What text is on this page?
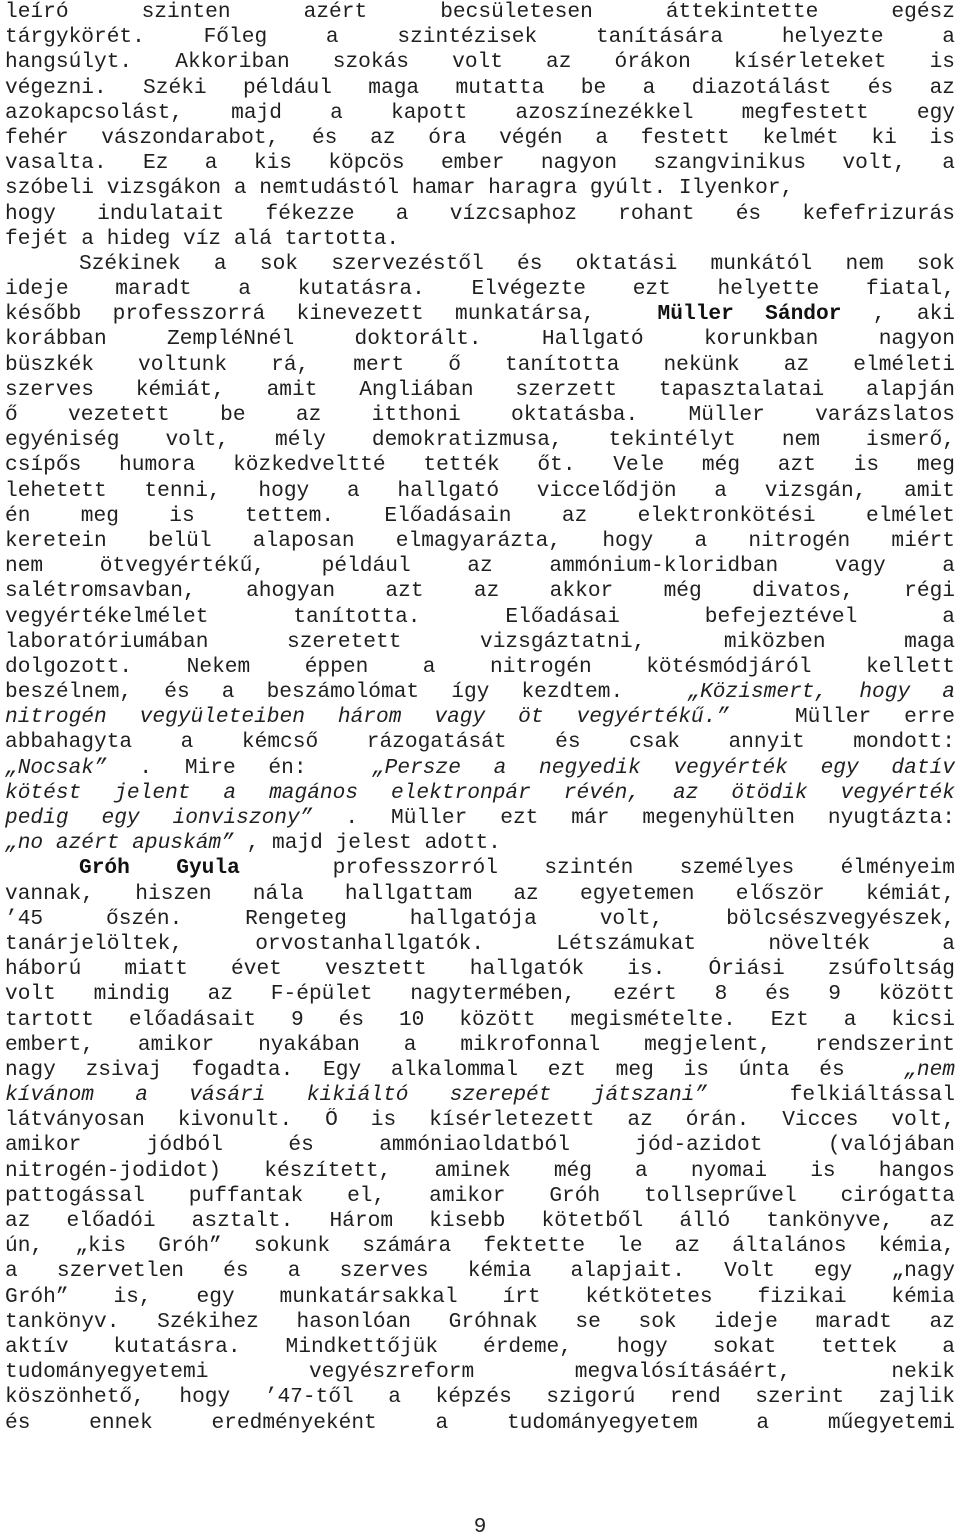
leíró szinten azért becsületesen áttekintette egész
tárgykörét. Főleg a szintézisek tanítására helyezte a
hangsúlyt. Akkoriban szokás volt az órákon kísérleteket is
végezni. Széki például maga mutatta be a diazotálást és az
azokapcsolást, majd a kapott azoszínezékkel megfestett egy
fehér vászondarabot, és az óra végén a festett kelmét ki is
vasalta. Ez a kis köpcös ember nagyon szangvinikus volt, a
szóbeli vizsgákon a nemtudástól hamar haragra gyúlt. Ilyenkor,
hogy indulatait fékezze a vízcsaphoz rohant és kefefrizurás
fejét a hideg víz alá tartotta.
Székinek a sok szervezéstől és oktatási munkától nem sok
ideje maradt a kutatásra. Elvégezte ezt helyette fiatal,
később professzorrá kinevezett munkatársa,  Müller Sándor , aki
korábban ZempléNnél doktorált. Hallgató korunkban nagyon
büszkék voltunk rá, mert ő tanította nekünk az elméleti
szerves kémiát, amit Angliában szerzett tapasztalatai alapján
ő vezetett be az itthoni oktatásba. Müller varázslatos
egyéniség volt, mély demokratizmusa, tekintélyt nem ismerő,
csípős humora közkedveltté tették őt. Vele még azt is meg
lehetett tenni, hogy a hallgató viccelődjön a vizsgán, amit
én meg is tettem. Előadásain az elektronkötési elmélet
keretein belül alaposan elmagyarázta, hogy a nitrogén miért
nem ötvegyértékű, például az ammónium-kloridban vagy a
salétromsavban, ahogyan azt az akkor még divatos, régi
vegyértékelmélet tanította. Előadásai befejeztével a
laboratóriumában szeretett vizsgáztatni, miközben maga
dolgozott. Nekem éppen a nitrogén kötésmódjáról kellett
beszélnem, és a beszámolómat így kezdtem.  „Közismert, hogy a
nitrogén vegyületeiben három vagy öt vegyértékű.”  Müller erre
abbahagyta a kémcső rázogatását és csak annyit mondott:
„Nocsak” . Mire én:  „Persze a negyedik vegyérték egy datív
kötést jelent a magános elektronpár révén, az ötödik vegyérték
pedig egy ionviszony” . Müller ezt már megenyhülten nyugtázta:
„no azért apuskám” , majd jelest adott.
Gróh Gyula  professzorról szintén személyes élményeim
vannak, hiszen nála hallgattam az egyetemen először kémiát,
’45 őszén. Rengeteg hallgatója volt, bölcsészvegyészek,
tanárjelöltek, orvostanhallgatók. Létszámukat növelték a
háború miatt évet vesztett hallgatók is. Óriási zsúfoltság
volt mindig az F-épület nagytermében, ezért 8 és 9 között
tartott előadásait 9 és 10 között megismételte. Ezt a kicsi
embert, amikor nyakában a mikrofonnal megjelent, rendszerint
nagy zsivaj fogadta. Egy alkalommal ezt meg is únta és  „nem
kívánom a vásári kikiáltó szerepét játszani”  felkiáltással
látványosan kivonult. Ő is kísérletezett az órán. Vicces volt,
amikor jódból és ammóniaoldatból jód-azidot (valójában
nitrogén-jodidot) készített, aminek még a nyomai is hangos
pattogással puffantak el, amikor Gróh tollseprűvel cirógatta
az előadói asztalt. Három kisebb kötetből álló tankönyve, az
ún, „kis Gróh” sokunk számára fektette le az általános kémia,
a szervetlen és a szerves kémia alapjait. Volt egy „nagy
Gróh” is, egy munkatársakkal írt kétkötetes fizikai kémia
tankönyv. Székihez hasonlóan Gróhnak se sok ideje maradt az
aktív kutatásra. Mindkettőjük érdeme, hogy sokat tettek a
tudományegyetemi vegyészreform megvalósításáért, nekik
köszönhető, hogy ’47-től a képzés szigorú rend szerint zajlik
és ennek eredményeként a tudományegyetem a műegyetemi
9
